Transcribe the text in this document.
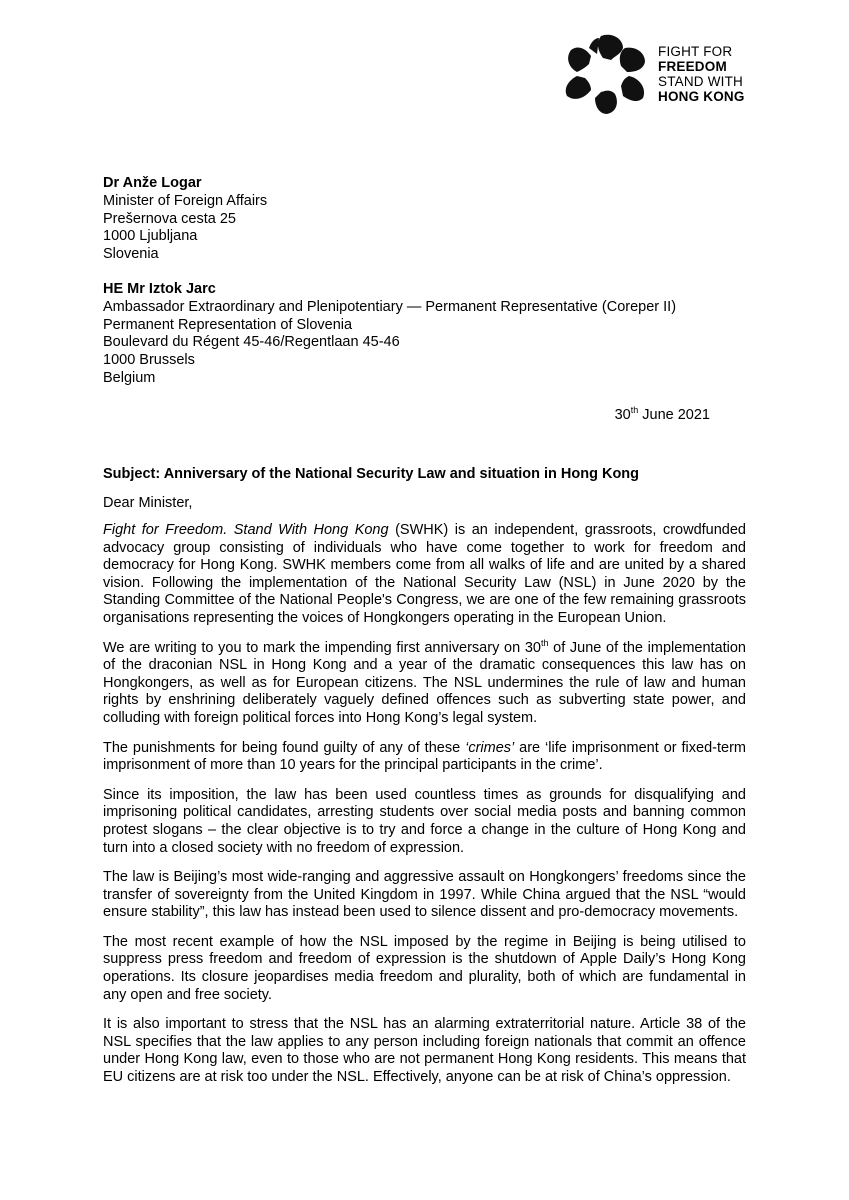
FIGHT FOR
FREEDOM
STAND WITH
HONG KONG
Dr Anže Logar
Minister of Foreign Affairs
Prešernova cesta 25
1000 Ljubljana
Slovenia
HE Mr Iztok Jarc
Ambassador Extraordinary and Plenipotentiary — Permanent Representative (Coreper II)
Permanent Representation of Slovenia
Boulevard du Régent 45-46/Regentlaan 45-46
1000 Brussels
Belgium
30th June 2021
Subject: Anniversary of the National Security Law and situation in Hong Kong
Dear Minister,

Fight for Freedom. Stand With Hong Kong (SWHK) is an independent, grassroots, crowdfunded advocacy group consisting of individuals who have come together to work for freedom and democracy for Hong Kong. SWHK members come from all walks of life and are united by a shared vision. Following the implementation of the National Security Law (NSL) in June 2020 by the Standing Committee of the National People's Congress, we are one of the few remaining grassroots organisations representing the voices of Hongkongers operating in the European Union.

We are writing to you to mark the impending first anniversary on 30th of June of the implementation of the draconian NSL in Hong Kong and a year of the dramatic consequences this law has on Hongkongers, as well as for European citizens. The NSL undermines the rule of law and human rights by enshrining deliberately vaguely defined offences such as subverting state power, and colluding with foreign political forces into Hong Kong’s legal system.

The punishments for being found guilty of any of these ‘crimes’ are ‘life imprisonment or fixed-term imprisonment of more than 10 years for the principal participants in the crime’.

Since its imposition, the law has been used countless times as grounds for disqualifying and imprisoning political candidates, arresting students over social media posts and banning common protest slogans – the clear objective is to try and force a change in the culture of Hong Kong and turn into a closed society with no freedom of expression.

The law is Beijing’s most wide-ranging and aggressive assault on Hongkongers’ freedoms since the transfer of sovereignty from the United Kingdom in 1997. While China argued that the NSL “would ensure stability”, this law has instead been used to silence dissent and pro-democracy movements.

The most recent example of how the NSL imposed by the regime in Beijing is being utilised to suppress press freedom and freedom of expression is the shutdown of Apple Daily’s Hong Kong operations. Its closure jeopardises media freedom and plurality, both of which are fundamental in any open and free society.

It is also important to stress that the NSL has an alarming extraterritorial nature. Article 38 of the NSL specifies that the law applies to any person including foreign nationals that commit an offence under Hong Kong law, even to those who are not permanent Hong Kong residents. This means that EU citizens are at risk too under the NSL. Effectively, anyone can be at risk of China’s oppression.
